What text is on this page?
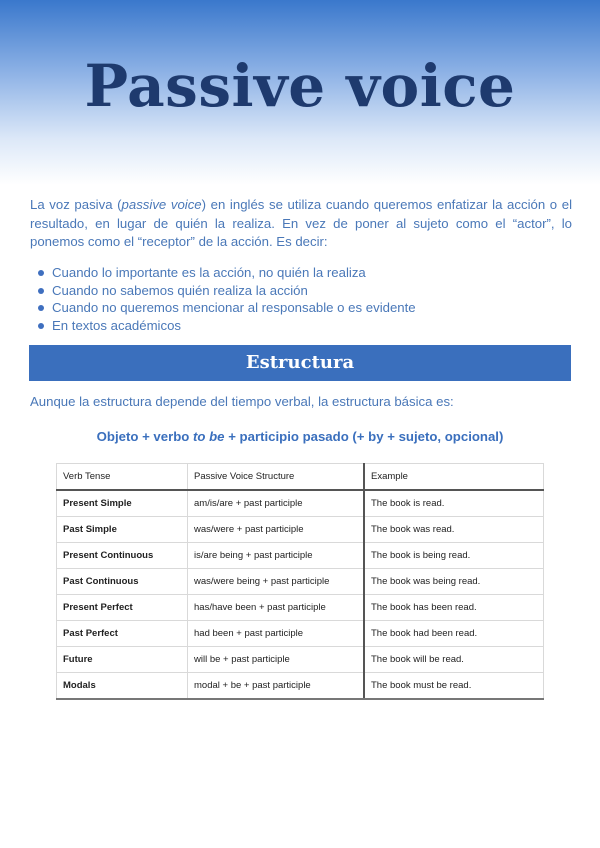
Passive voice

La voz pasiva (passive voice) en inglés se utiliza cuando queremos enfatizar la acción o el resultado, en lugar de quién la realiza. En vez de poner al sujeto como el “actor”, lo ponemos como el “receptor” de la acción. Es decir:

Cuando lo importante es la acción, no quién la realiza
Cuando no sabemos quién realiza la acción
Cuando no queremos mencionar al responsable o es evidente
En textos académicos
Estructura

Aunque la estructura depende del tiempo verbal, la estructura básica es:

Objeto + verbo to be + participio pasado (+ by + sujeto, opcional)

Verb Tense	Passive Voice Structure	Example
Present Simple	am/is/are + past participle	The book is read.
Past Simple	was/were + past participle	The book was read.
Present Continuous	is/are being + past participle	The book is being read.
Past Continuous	was/were being + past participle	The book was being read.
Present Perfect	has/have been + past participle	The book has been read.
Past Perfect	had been + past participle	The book had been read.
Future	will be + past participle	The book will be read.
Modals	modal + be + past participle	The book must be read.
